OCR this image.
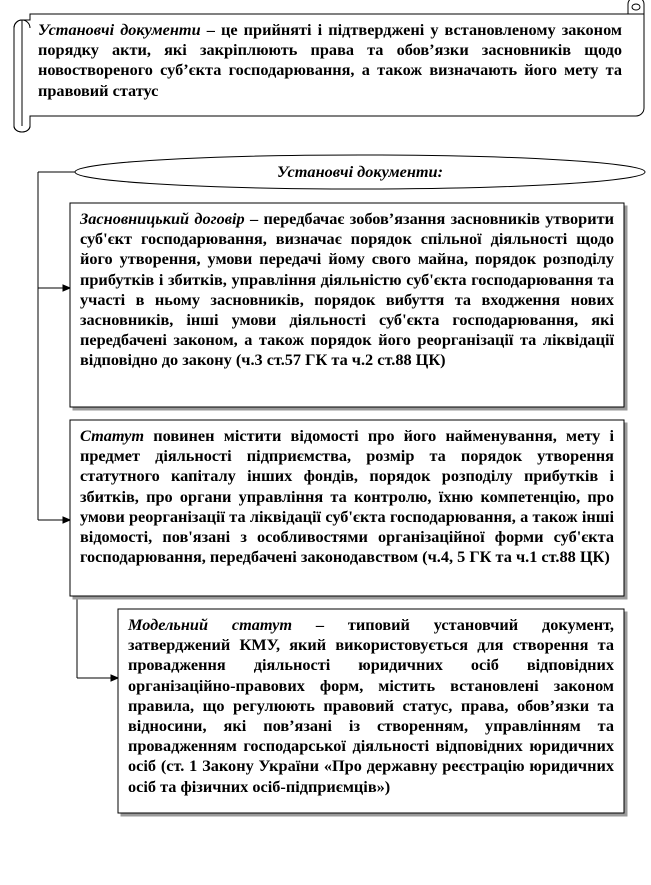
Установчі документи – це прийняті і підтверджені у встановленому законом порядку акти, які закріплюють права та обов’язки засновників щодо новоствореного суб’єкта господарювання, а також визначають його мету та правовий статус

Установчі документи:

Засновницький договір – передбачає зобов’язання засновників утворити суб'єкт господарювання, визначає порядок спільної діяльності щодо його утворення, умови передачі йому свого майна, порядок розподілу прибутків і збитків, управління діяльністю суб'єкта господарювання та участі в ньому засновників, порядок вибуття та входження нових засновників, інші умови діяльності суб'єкта господарювання, які передбачені законом, а також порядок його реорганізації та ліквідації відповідно до закону (ч.3 ст.57 ГК та ч.2 ст.88 ЦК)

Статут повинен містити відомості про його найменування, мету і предмет діяльності підприємства, розмір та порядок утворення статутного капіталу інших фондів, порядок розподілу прибутків і збитків, про органи управління та контролю, їхню компетенцію, про умови реорганізації та ліквідації суб'єкта господарювання, а також інші відомості, пов'язані з особливостями організаційної форми суб'єкта господарювання, передбачені законодавством (ч.4, 5 ГК та ч.1 ст.88 ЦК)

Модельний статут – типовий установчий документ, затверджений КМУ, який використовується для створення та провадження діяльності юридичних осіб відповідних організаційно-правових форм, містить встановлені законом правила, що регулюють правовий статус, права, обов’язки та відносини, які пов’язані із створенням, управлінням та провадженням господарської діяльності відповідних юридичних осіб (ст. 1 Закону України «Про державну реєстрацію юридичних осіб та фізичних осіб-підприємців»)
